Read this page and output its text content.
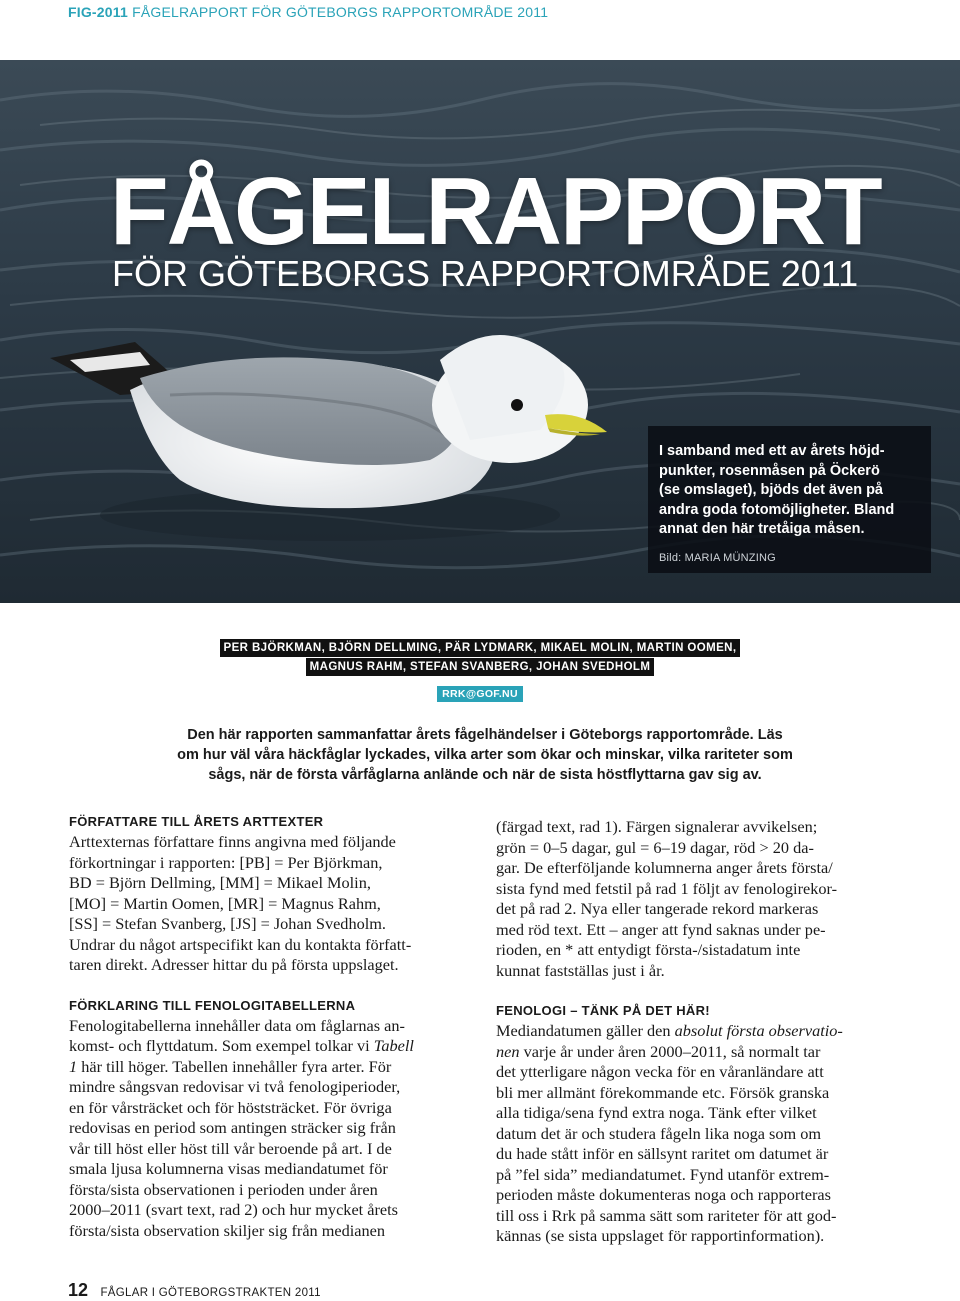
FIG-2011 FÅGELRAPPORT FÖR GÖTEBORGS RAPPORTOMRÅDE 2011
FÅGELRAPPORT
FÖR GÖTEBORGS RAPPORTOMRÅDE 2011
I samband med ett av årets höjd-
punkter, rosenmåsen på Öckerö
(se omslaget), bjöds det även på
andra goda fotomöjligheter. Bland
annat den här tretåiga måsen.
Bild: MARIA MÜNZING
PER BJÖRKMAN, BJÖRN DELLMING, PÄR LYDMARK, MIKAEL MOLIN, MARTIN OOMEN,
MAGNUS RAHM, STEFAN SVANBERG, JOHAN SVEDHOLM
RRK@GOF.NU
Den här rapporten sammanfattar årets fågelhändelser i Göteborgs rapportområde. Läs
om hur väl våra häckfåglar lyckades, vilka arter som ökar och minskar, vilka rariteter som
sågs, när de första vårfåglarna anlände och när de sista höstflyttarna gav sig av.
FÖRFATTARE TILL ÅRETS ARTTEXTER
Arttexternas författare finns angivna med följande
förkortningar i rapporten: [PB] = Per Björkman,
BD = Björn Dellming, [MM] = Mikael Molin,
[MO] = Martin Oomen, [MR] = Magnus Rahm,
[SS] = Stefan Svanberg, [JS] = Johan Svedholm.
Undrar du något artspecifikt kan du kontakta författ-
taren direkt. Adresser hittar du på första uppslaget.
FÖRKLARING TILL FENOLOGITABELLERNA
Fenologitabellerna innehåller data om fåglarnas an-
komst- och flyttdatum. Som exempel tolkar vi Tabell
1 här till höger. Tabellen innehåller fyra arter. För
mindre sångsvan redovisar vi två fenologiperioder,
en för vårsträcket och för höststräcket. För övriga
redovisas en period som antingen sträcker sig från
vår till höst eller höst till vår beroende på art. I de
smala ljusa kolumnerna visas mediandatumet för
första/sista observationen i perioden under åren
2000–2011 (svart text, rad 2) och hur mycket årets
första/sista observation skiljer sig från medianen
(färgad text, rad 1). Färgen signalerar avvikelsen;
grön = 0–5 dagar, gul = 6–19 dagar, röd > 20 da-
gar. De efterföljande kolumnerna anger årets första/
sista fynd med fetstil på rad 1 följt av fenologirekor-
det på rad 2. Nya eller tangerade rekord markeras
med röd text. Ett – anger att fynd saknas under pe-
rioden, en * att entydigt första-/sistadatum inte
kunnat fastställas just i år.
FENOLOGI – TÄNK PÅ DET HÄR!
Mediandatumen gäller den absolut första observatio-
nen varje år under åren 2000–2011, så normalt tar
det ytterligare någon vecka för en våranländare att
bli mer allmänt förekommande etc. Försök granska
alla tidiga/sena fynd extra noga. Tänk efter vilket
datum det är och studera fågeln lika noga som om
du hade stått inför en sällsynt raritet om datumet är
på ”fel sida” mediandatumet. Fynd utanför extrem-
perioden måste dokumenteras noga och rapporteras
till oss i Rrk på samma sätt som rariteter för att god-
kännas (se sista uppslaget för rapportinformation).
12 FÅGLAR I GÖTEBORGSTRAKTEN 2011
